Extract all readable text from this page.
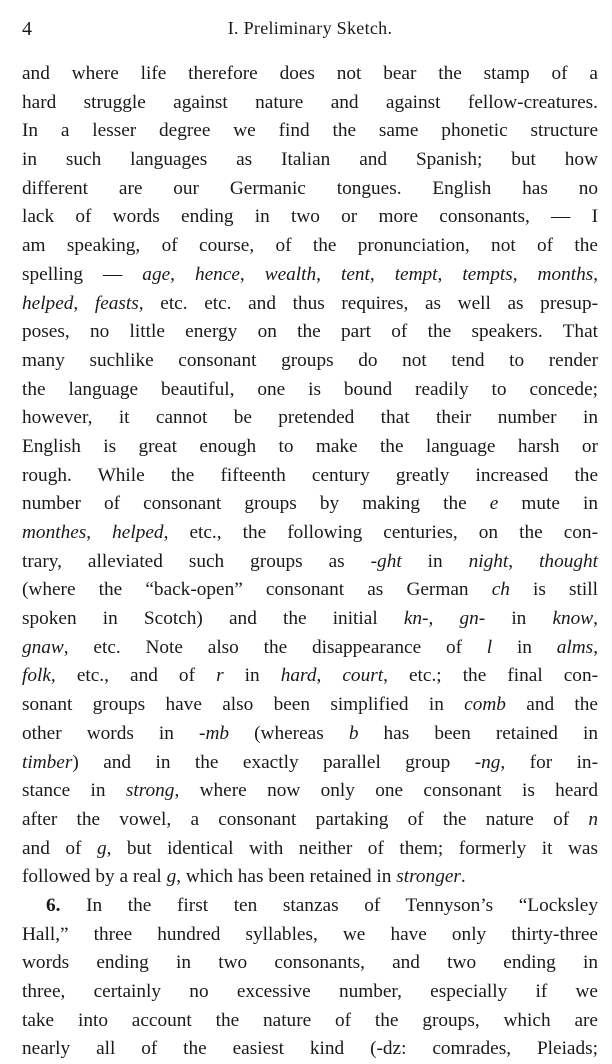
4	I. Preliminary Sketch.
and where life therefore does not bear the stamp of a
hard struggle against nature and against fellow-creatures.
In a lesser degree we find the same phonetic structure
in such languages as Italian and Spanish; but how
different are our Germanic tongues. English has no
lack of words ending in two or more consonants, — I
am speaking, of course, of the pronunciation, not of the
spelling — age, hence, wealth, tent, tempt, tempts, months,
helped, feasts, etc. etc. and thus requires, as well as presup-
poses, no little energy on the part of the speakers. That
many suchlike consonant groups do not tend to render
the language beautiful, one is bound readily to concede;
however, it cannot be pretended that their number in
English is great enough to make the language harsh or
rough. While the fifteenth century greatly increased the
number of consonant groups by making the e mute in
monthes, helped, etc., the following centuries, on the con-
trary, alleviated such groups as -ght in night, thought
(where the “back-open” consonant as German ch is still
spoken in Scotch) and the initial kn-, gn- in know,
gnaw, etc. Note also the disappearance of l in alms,
folk, etc., and of r in hard, court, etc.; the final con-
sonant groups have also been simplified in comb and the
other words in -mb (whereas b has been retained in
timber) and in the exactly parallel group -ng, for in-
stance in strong, where now only one consonant is heard
after the vowel, a consonant partaking of the nature of n
and of g, but identical with neither of them; formerly it was
followed by a real g, which has been retained in stronger.
6. In the first ten stanzas of Tennyson’s “Locksley
Hall,” three hundred syllables, we have only thirty-three
words ending in two consonants, and two ending in
three, certainly no excessive number, especially if we
take into account the nature of the groups, which are
nearly all of the easiest kind (-dz: comrades, Pleiads;
